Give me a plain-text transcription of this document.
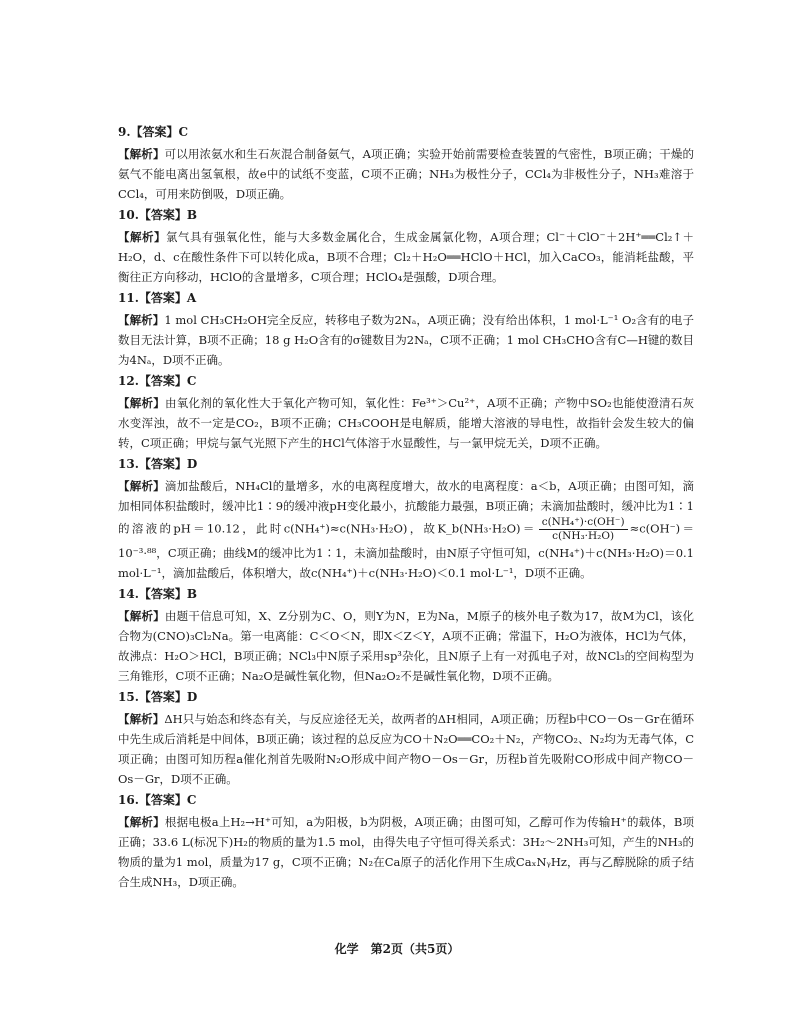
9.【答案】C

【解析】可以用浓氨水和生石灰混合制备氨气，A项正确；实验开始前需要检查装置的气密性，B项正确；干燥的氨气不能电离出氢氧根，故e中的试纸不变蓝，C项不正确；NH₃为极性分子，CCl₄为非极性分子，NH₃难溶于CCl₄，可用来防倒吸，D项正确。

10.【答案】B

【解析】氯气具有强氧化性，能与大多数金属化合，生成金属氯化物，A项合理；Cl⁻＋ClO⁻＋2H⁺══Cl₂↑＋H₂O，d、c在酸性条件下可以转化成a，B项不合理；Cl₂＋H₂O══HClO＋HCl，加入CaCO₃，能消耗盐酸，平衡往正方向移动，HClO的含量增多，C项合理；HClO₄是强酸，D项合理。

11.【答案】A

【解析】1 mol CH₃CH₂OH完全反应，转移电子数为2Nₐ，A项正确；没有给出体积，1 mol·L⁻¹ O₂含有的电子数目无法计算，B项不正确；18 g H₂O含有的σ键数目为2Nₐ，C项不正确；1 mol CH₃CHO含有C—H键的数目为4Nₐ，D项不正确。

12.【答案】C

【解析】由氧化剂的氧化性大于氧化产物可知，氧化性：Fe³⁺＞Cu²⁺，A项不正确；产物中SO₂也能使澄清石灰水变浑浊，故不一定是CO₂，B项不正确；CH₃COOH是电解质，能增大溶液的导电性，故指针会发生较大的偏转，C项正确；甲烷与氯气光照下产生的HCl气体溶于水显酸性，与一氯甲烷无关，D项不正确。

13.【答案】D

【解析】滴加盐酸后，NH₄Cl的量增多，水的电离程度增大，故水的电离程度：a＜b，A项正确；由图可知，滴加相同体积盐酸时，缓冲比1∶9的缓冲液pH变化最小，抗酸能力最强，B项正确；未滴加盐酸时，缓冲比为1∶1的溶液的pH＝10.12，此时c(NH₄⁺)≈c(NH₃·H₂O)，故K_b(NH₃·H₂O)＝ $\frac{\text{c(NH₄⁺)·c(OH⁻)}}{\text{c(NH₃·H₂O)}} \approx c(OH^-)=10^{-3}\cdot^{88}$，C项正确；曲线M的缓冲比为1∶1，未滴加盐酸时，由N原子守恒可知，c(NH₄⁺)＋c(NH₃·H₂O)＝0.1 mol·L⁻¹，滴加盐酸后，体积增大，故c(NH₄⁺)＋c(NH₃·H₂O)＜0.1 mol·L⁻¹，D项不正确。

14.【答案】B

【解析】由题干信息可知，X、Z分别为C、O，则Y为N，E为Na，M原子的核外电子数为17，故M为Cl，该化合物为(CNO)₃Cl₂Na。第一电离能：C＜O＜N，即X＜Z＜Y，A项不正确；常温下，H₂O为液体，HCl为气体，故沸点：H₂O＞HCl，B项正确；NCl₃中N原子采用sp³杂化，且N原子上有一对孤电子对，故NCl₃的空间构型为三角锥形，C项不正确；Na₂O是碱性氧化物，但Na₂O₂不是碱性氧化物，D项不正确。

15.【答案】D

【解析】ΔH只与始态和终态有关，与反应途径无关，故两者的ΔH相同，A项正确；历程b中CO－Os－Gr在循环中先生成后消耗是中间体，B项正确；该过程的总反应为CO＋N₂O══CO₂＋N₂，产物CO₂、N₂均为无毒气体，C项正确；由图可知历程a催化剂首先吸附N₂O形成中间产物O－Os－Gr，历程b首先吸附CO形成中间产物CO－Os－Gr，D项不正确。

16.【答案】C

【解析】根据电极a上H₂→H⁺可知，a为阳极，b为阴极，A项正确；由图可知，乙醇可作为传输H⁺的载体，B项正确；33.6 L(标况下)H₂的物质的量为1.5 mol，由得失电子守恒可得关系式：3H₂～2NH₃可知，产生的NH₃的物质的量为1 mol，质量为17 g，C项不正确；N₂在Ca原子的活化作用下生成CaₓNᵧHz，再与乙醇脱除的质子结合生成NH₃，D项正确。

化学　第2页（共5页）
